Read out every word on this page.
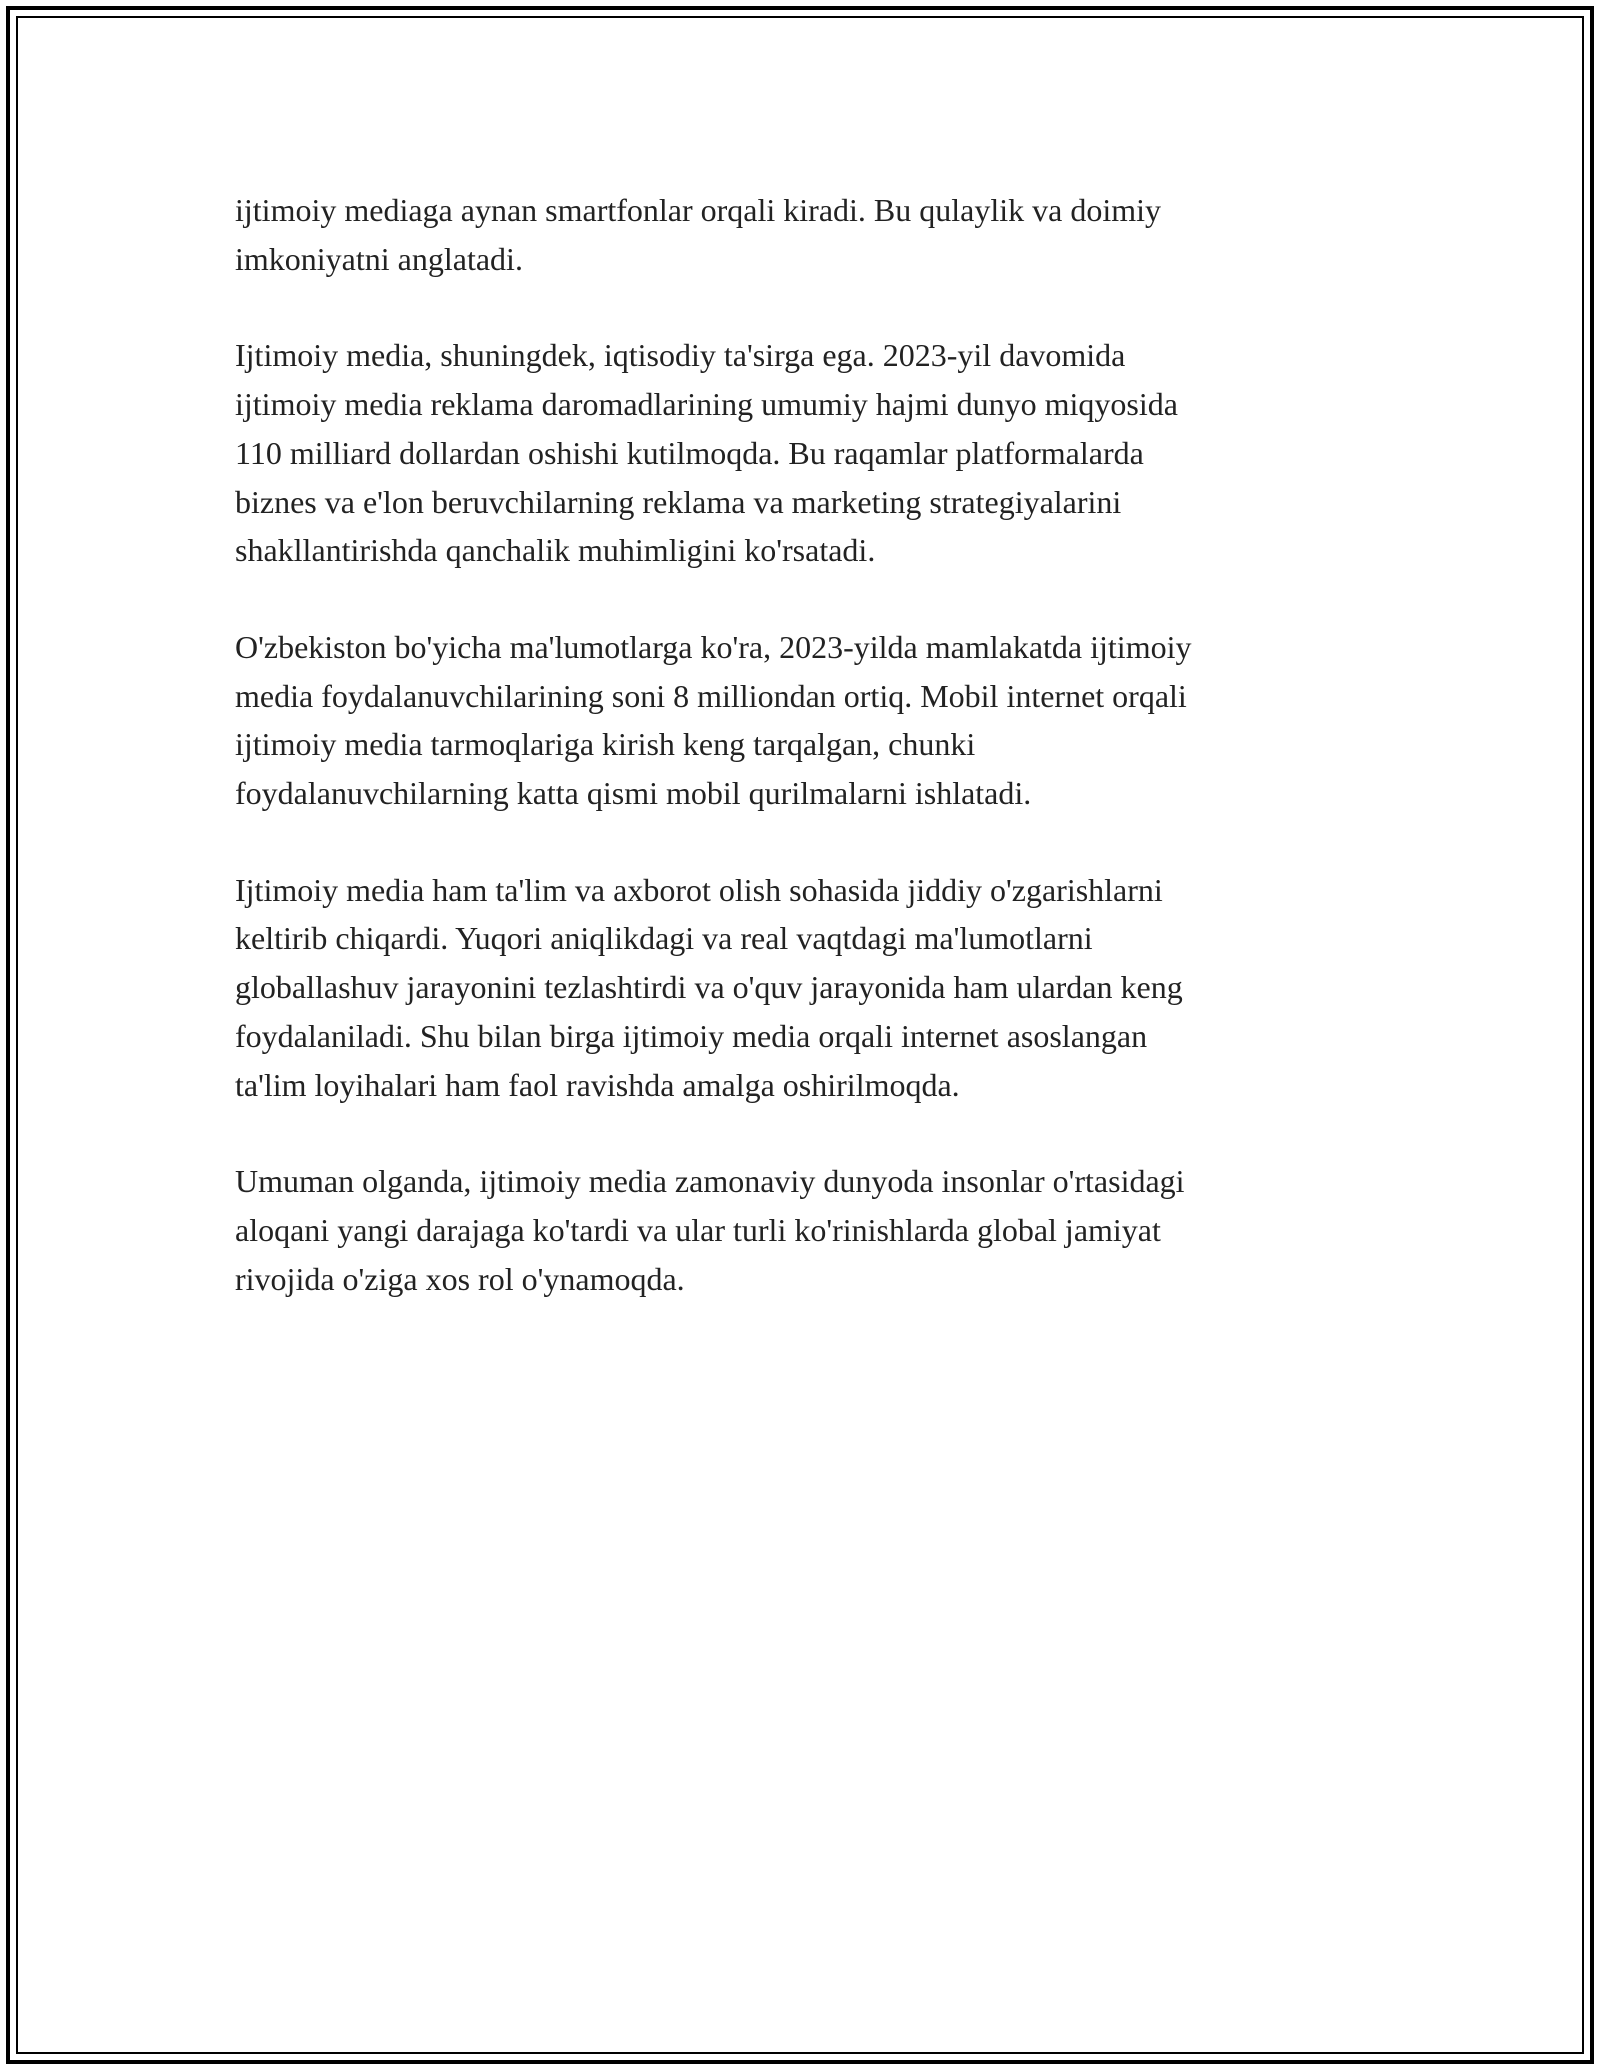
ijtimoiy mediaga aynan smartfonlar orqali kiradi. Bu qulaylik va doimiy
imkoniyatni anglatadi.

Ijtimoiy media, shuningdek, iqtisodiy ta'sirga ega. 2023-yil davomida
ijtimoiy media reklama daromadlarining umumiy hajmi dunyo miqyosida
110 milliard dollardan oshishi kutilmoqda. Bu raqamlar platformalarda
biznes va e'lon beruvchilarning reklama va marketing strategiyalarini
shakllantirishda qanchalik muhimligini ko'rsatadi.

O'zbekiston bo'yicha ma'lumotlarga ko'ra, 2023-yilda mamlakatda ijtimoiy
media foydalanuvchilarining soni 8 milliondan ortiq. Mobil internet orqali
ijtimoiy media tarmoqlariga kirish keng tarqalgan, chunki
foydalanuvchilarning katta qismi mobil qurilmalarni ishlatadi.

Ijtimoiy media ham ta'lim va axborot olish sohasida jiddiy o'zgarishlarni
keltirib chiqardi. Yuqori aniqlikdagi va real vaqtdagi ma'lumotlarni
globallashuv jarayonini tezlashtirdi va o'quv jarayonida ham ulardan keng
foydalaniladi. Shu bilan birga ijtimoiy media orqali internet asoslangan
ta'lim loyihalari ham faol ravishda amalga oshirilmoqda.

Umuman olganda, ijtimoiy media zamonaviy dunyoda insonlar o'rtasidagi
aloqani yangi darajaga ko'tardi va ular turli ko'rinishlarda global jamiyat
rivojida o'ziga xos rol o'ynamoqda.
